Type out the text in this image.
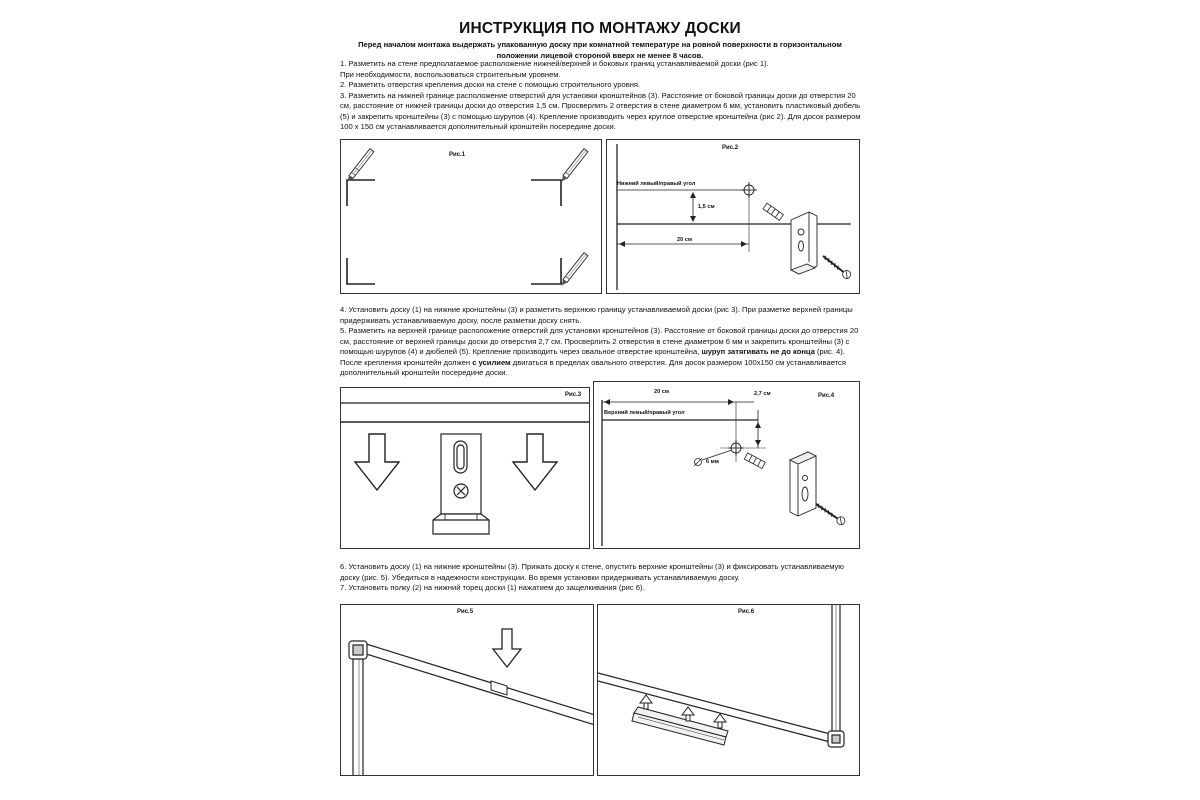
ИНСТРУКЦИЯ ПО МОНТАЖУ ДОСКИ
Перед началом монтажа выдержать упакованную доску при комнатной температуре на ровной поверхности в горизонтальном положении лицевой стороной вверх не менее 8 часов.

1. Разметить на стене предполагаемое расположение нижней/верхней и боковых границ устанавливаемой доски (рис 1).

При необходимости, воспользоваться строительным уровнем.

2. Разметить отверстия крепления доски на стене с помощью строительного уровня.

3. Разметить на нижней границе расположение отверстий для установки кронштейнов (3). Расстояние от боковой границы доски до отверстия 20 см, расстояние от нижней границы доски до отверстия 1,5 см. Просверлить 2 отверстия в стене диаметром 6 мм, установить пластиковый дюбель (5) и закрепить кронштейны (3) с помощью шурупов (4). Крепление производить через круглое отверстие кронштейна (рис 2). Для досок размером 100 х 150 см устанавливается дополнительный кронштейн посередине доски.

Рис.1
Рис.2
Нижний левый/правый угол
1,5 см
20 см

4. Установить доску (1) на нижние кронштейны (3) и разметить верхнюю границу устанавливаемой доски (рис 3). При разметке верхней границы придерживать устанавливаемую доску, после разметки доску снять.

5. Разметить на верхней границе расположение отверстий для установки кронштейнов (3). Расстояние от боковой границы доски до отверстия 20 см, расстояние от верхней границы доски до отверстия 2,7 см. Просверлить 2 отверстия в стене диаметром 6 мм и закрепить кронштейны (3) с помощью шурупов (4) и дюбелей (5). Крепление производить через овальное отверстие кронштейна, шуруп затягивать не до конца (рис. 4).

После крепления кронштейн должен с усилием двигаться в пределах овального отверстия. Для досок размером 100х150 см устанавливается дополнительный кронштейн посередине доски.

Рис.3	20 см	2,7 см	Рис.4
Верхний левый/правый угол
6 мм

6. Установить доску (1) на нижние кронштейны (3). Прижать доску к стене, опустить верхние кронштейны (3) и фиксировать устанавливаемую доску (рис. 5). Убедиться в надежности конструкции. Во время установки придерживать устанавливаемую доску.

7. Установить полку (2) на нижний торец доски (1) нажатием до защелкивания (рис 6).

Рис.5	Рис.6
